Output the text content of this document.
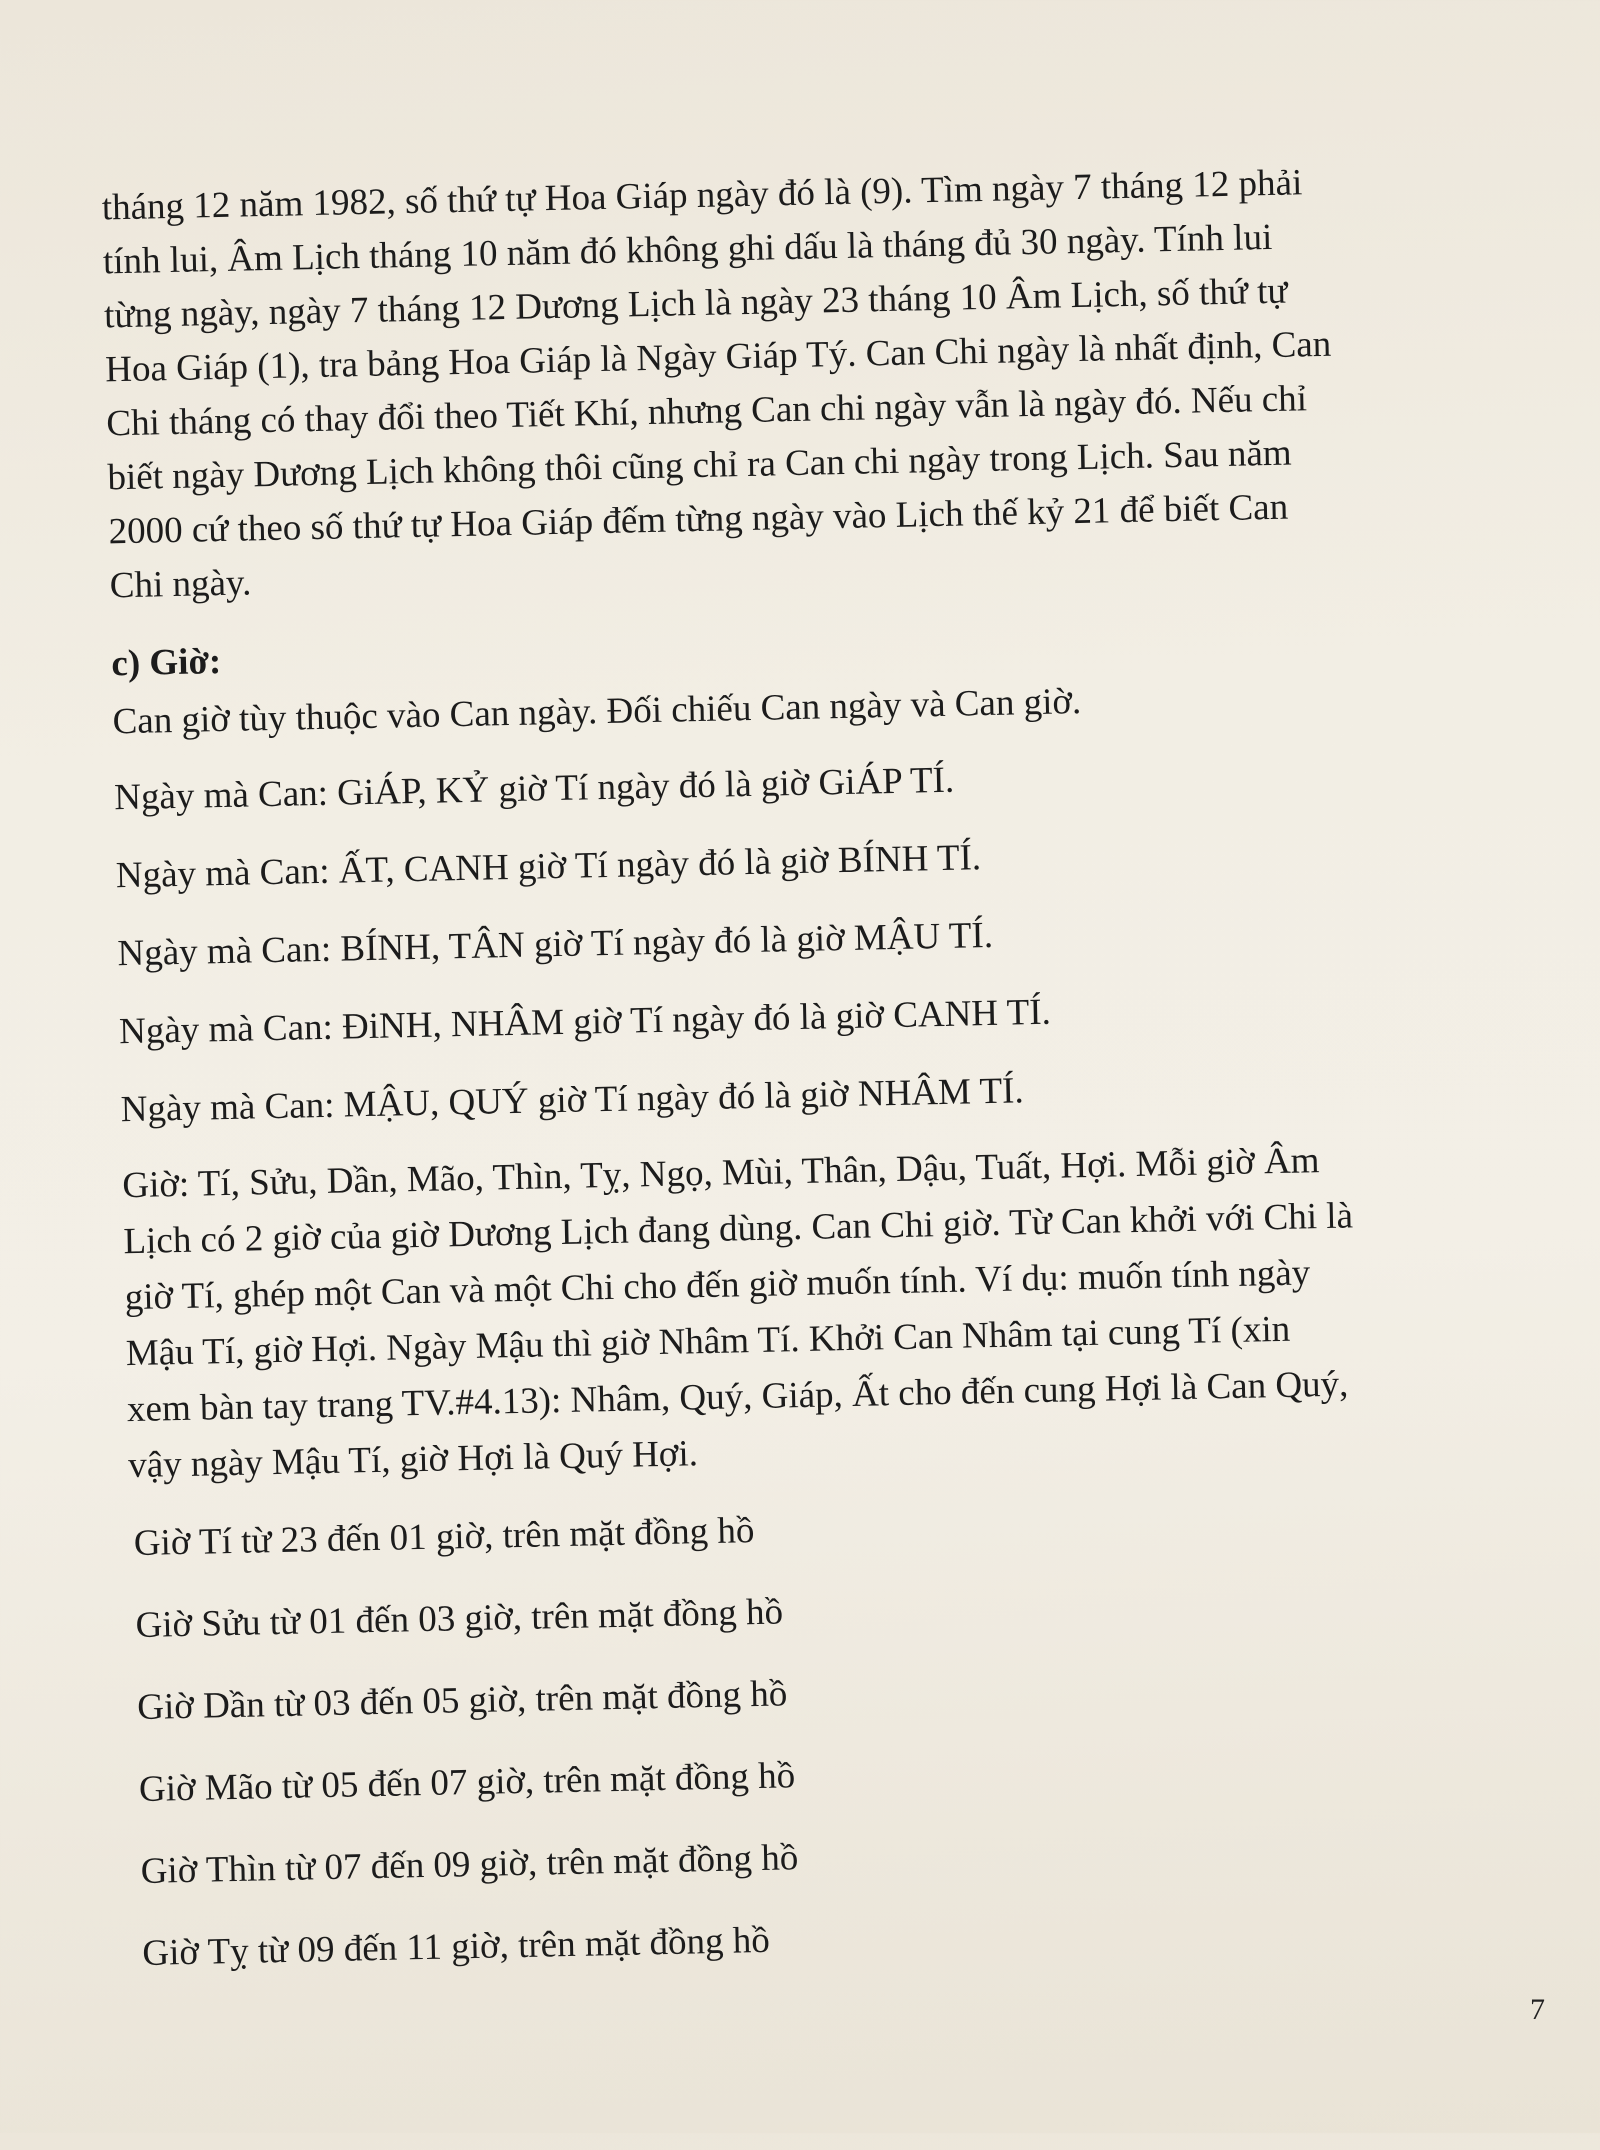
tháng 12 năm 1982, số thứ tự Hoa Giáp ngày đó là (9). Tìm ngày 7 tháng 12 phải
tính lui, Âm Lịch tháng 10 năm đó không ghi dấu là tháng đủ 30 ngày. Tính lui
từng ngày, ngày 7 tháng 12 Dương Lịch là ngày 23 tháng 10 Âm Lịch, số thứ tự
Hoa Giáp (1), tra bảng Hoa Giáp là Ngày Giáp Tý. Can Chi ngày là nhất định, Can
Chi tháng có thay đổi theo Tiết Khí, nhưng Can chi ngày vẫn là ngày đó. Nếu chỉ
biết ngày Dương Lịch không thôi cũng chỉ ra Can chi ngày trong Lịch. Sau năm
2000 cứ theo số thứ tự Hoa Giáp đếm từng ngày vào Lịch thế kỷ 21 để biết Can
Chi ngày.
c) Giờ:
Can giờ tùy thuộc vào Can ngày. Đối chiếu Can ngày và Can giờ.
Ngày mà Can: GiÁP, KỶ giờ Tí ngày đó là giờ GiÁP TÍ.
Ngày mà Can: ẤT, CANH giờ Tí ngày đó là giờ BÍNH TÍ.
Ngày mà Can: BÍNH, TÂN giờ Tí ngày đó là giờ MẬU TÍ.
Ngày mà Can: ĐiNH, NHÂM giờ Tí ngày đó là giờ CANH TÍ.
Ngày mà Can: MẬU, QUÝ giờ Tí ngày đó là giờ NHÂM TÍ.
Giờ: Tí, Sửu, Dần, Mão, Thìn, Tỵ, Ngọ, Mùi, Thân, Dậu, Tuất, Hợi. Mỗi giờ Âm
Lịch có 2 giờ của giờ Dương Lịch đang dùng. Can Chi giờ. Từ Can khởi với Chi là
giờ Tí, ghép một Can và một Chi cho đến giờ muốn tính. Ví dụ: muốn tính ngày
Mậu Tí, giờ Hợi. Ngày Mậu thì giờ Nhâm Tí. Khởi Can Nhâm tại cung Tí (xin
xem bàn tay trang TV.#4.13): Nhâm, Quý, Giáp, Ất cho đến cung Hợi là Can Quý,
vậy ngày Mậu Tí, giờ Hợi là Quý Hợi.
Giờ Tí từ 23 đến 01 giờ, trên mặt đồng hồ
Giờ Sửu từ 01 đến 03 giờ, trên mặt đồng hồ
Giờ Dần từ 03 đến 05 giờ, trên mặt đồng hồ
Giờ Mão từ 05 đến 07 giờ, trên mặt đồng hồ
Giờ Thìn từ 07 đến 09 giờ, trên mặt đồng hồ
Giờ Tỵ từ 09 đến 11 giờ, trên mặt đồng hồ
7
